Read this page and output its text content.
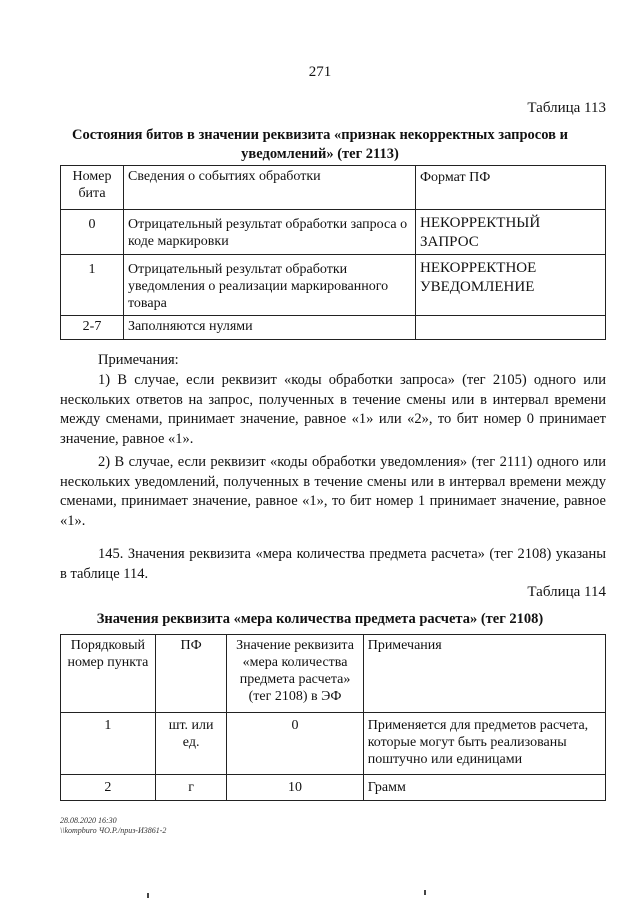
271
Таблица 113
Состояния битов в значении реквизита «признак некорректных запросов и
уведомлений» (тег 2113)
Номер бита	Сведения о событиях обработки	Формат ПФ
0	Отрицательный результат обработки запроса о коде маркировки	НЕКОРРЕКТНЫЙ ЗАПРОС
1	Отрицательный результат обработки уведомления о реализации маркированного товара	НЕКОРРЕКТНОЕ УВЕДОМЛЕНИЕ
2-7	Заполняются нулями	
Примечания:

1) В случае, если реквизит «коды обработки запроса» (тег 2105) одного или нескольких ответов на запрос, полученных в течение смены или в интервал времени между сменами, принимает значение, равное «1» или «2», то бит номер 0 принимает значение, равное «1».

2) В случае, если реквизит «коды обработки уведомления» (тег 2111) одного или нескольких уведомлений, полученных в течение смены или в интервал времени между сменами, принимает значение, равное «1», то бит номер 1 принимает значение, равное «1».

145. Значения реквизита «мера количества предмета расчета» (тег 2108) указаны в таблице 114.

Таблица 114
Значения реквизита «мера количества предмета расчета» (тег 2108)
Порядковый номер пункта	ПФ	Значение реквизита «мера количества предмета расчета» (тег 2108) в ЭФ	Примечания
1	шт. или ед.	0	Применяется для предметов расчета, которые могут быть реализованы поштучно или единицами
2	г	10	Грамм
28.08.2020 16:30
\\kompburo ЧО.Р./приз-И3861-2
